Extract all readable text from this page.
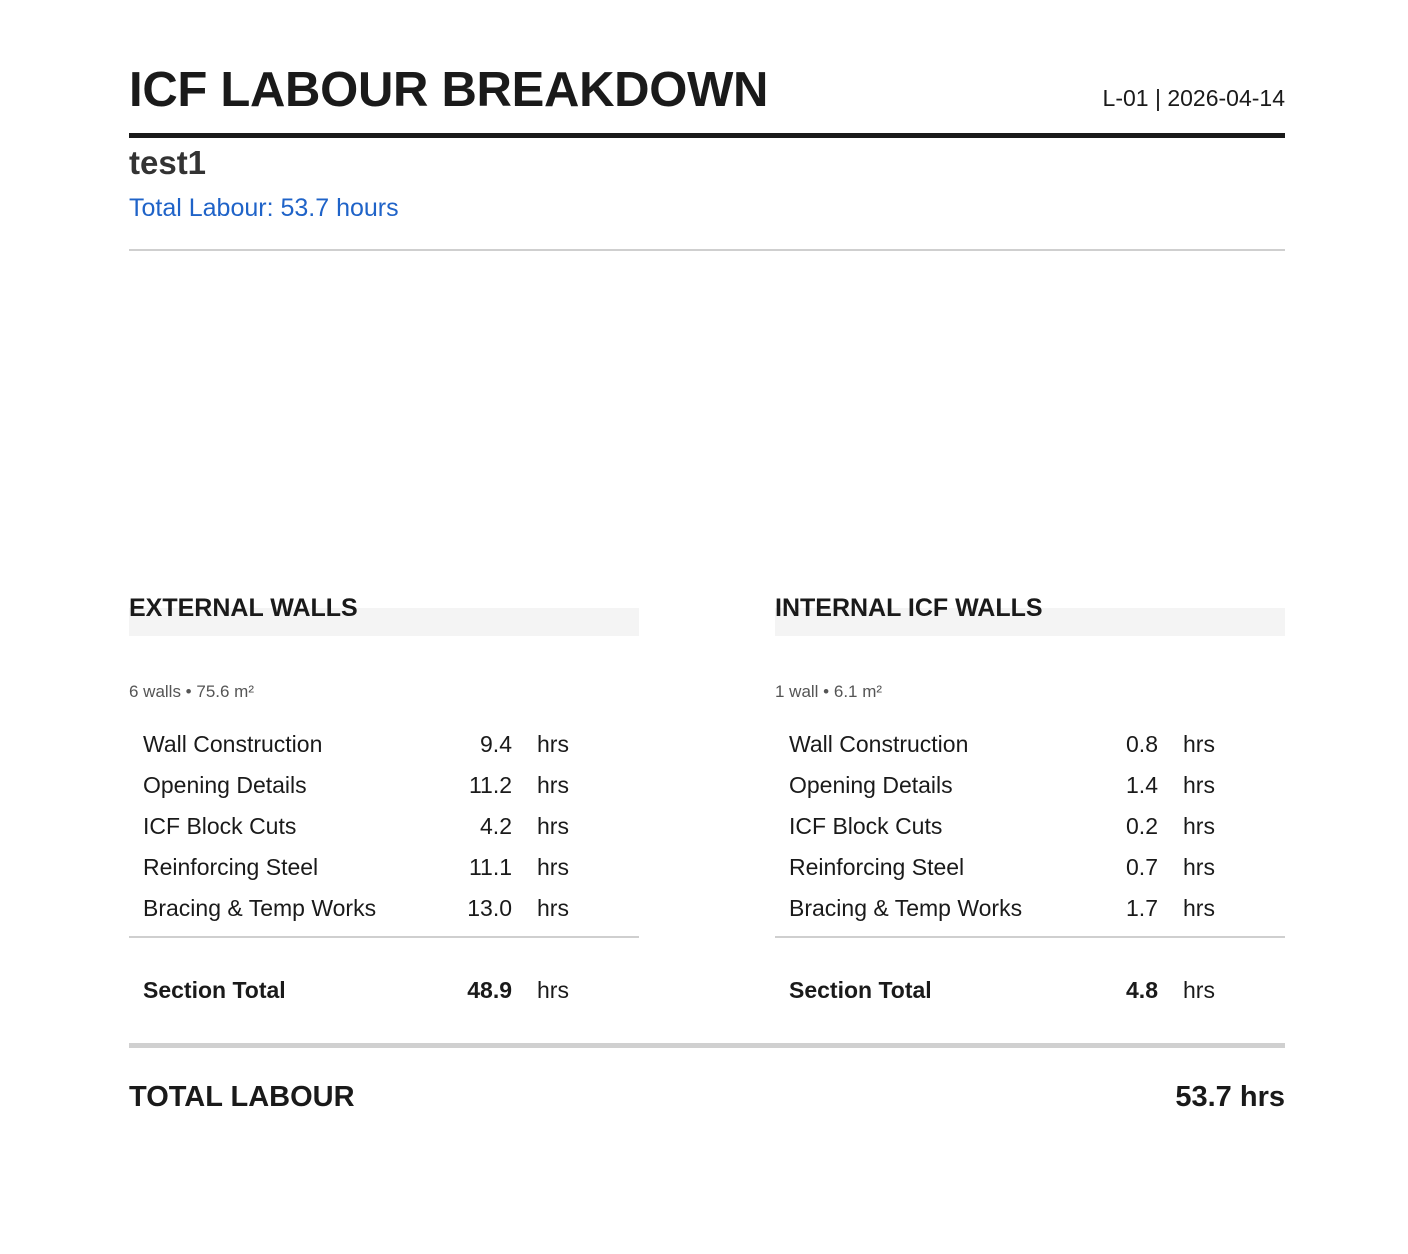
ICF LABOUR BREAKDOWN	L-01 | 2026-04-14
test1
Total Labour: 53.7 hours
EXTERNAL WALLS
6 walls • 75.6 m²
Wall Construction	9.4 hrs
Opening Details	11.2 hrs
ICF Block Cuts	4.2 hrs
Reinforcing Steel	11.1 hrs
Bracing & Temp Works	13.0 hrs
Section Total	48.9 hrs
INTERNAL ICF WALLS
1 wall • 6.1 m²
Wall Construction	0.8 hrs
Opening Details	1.4 hrs
ICF Block Cuts	0.2 hrs
Reinforcing Steel	0.7 hrs
Bracing & Temp Works	1.7 hrs
Section Total	4.8 hrs
TOTAL LABOUR	53.7 hrs
